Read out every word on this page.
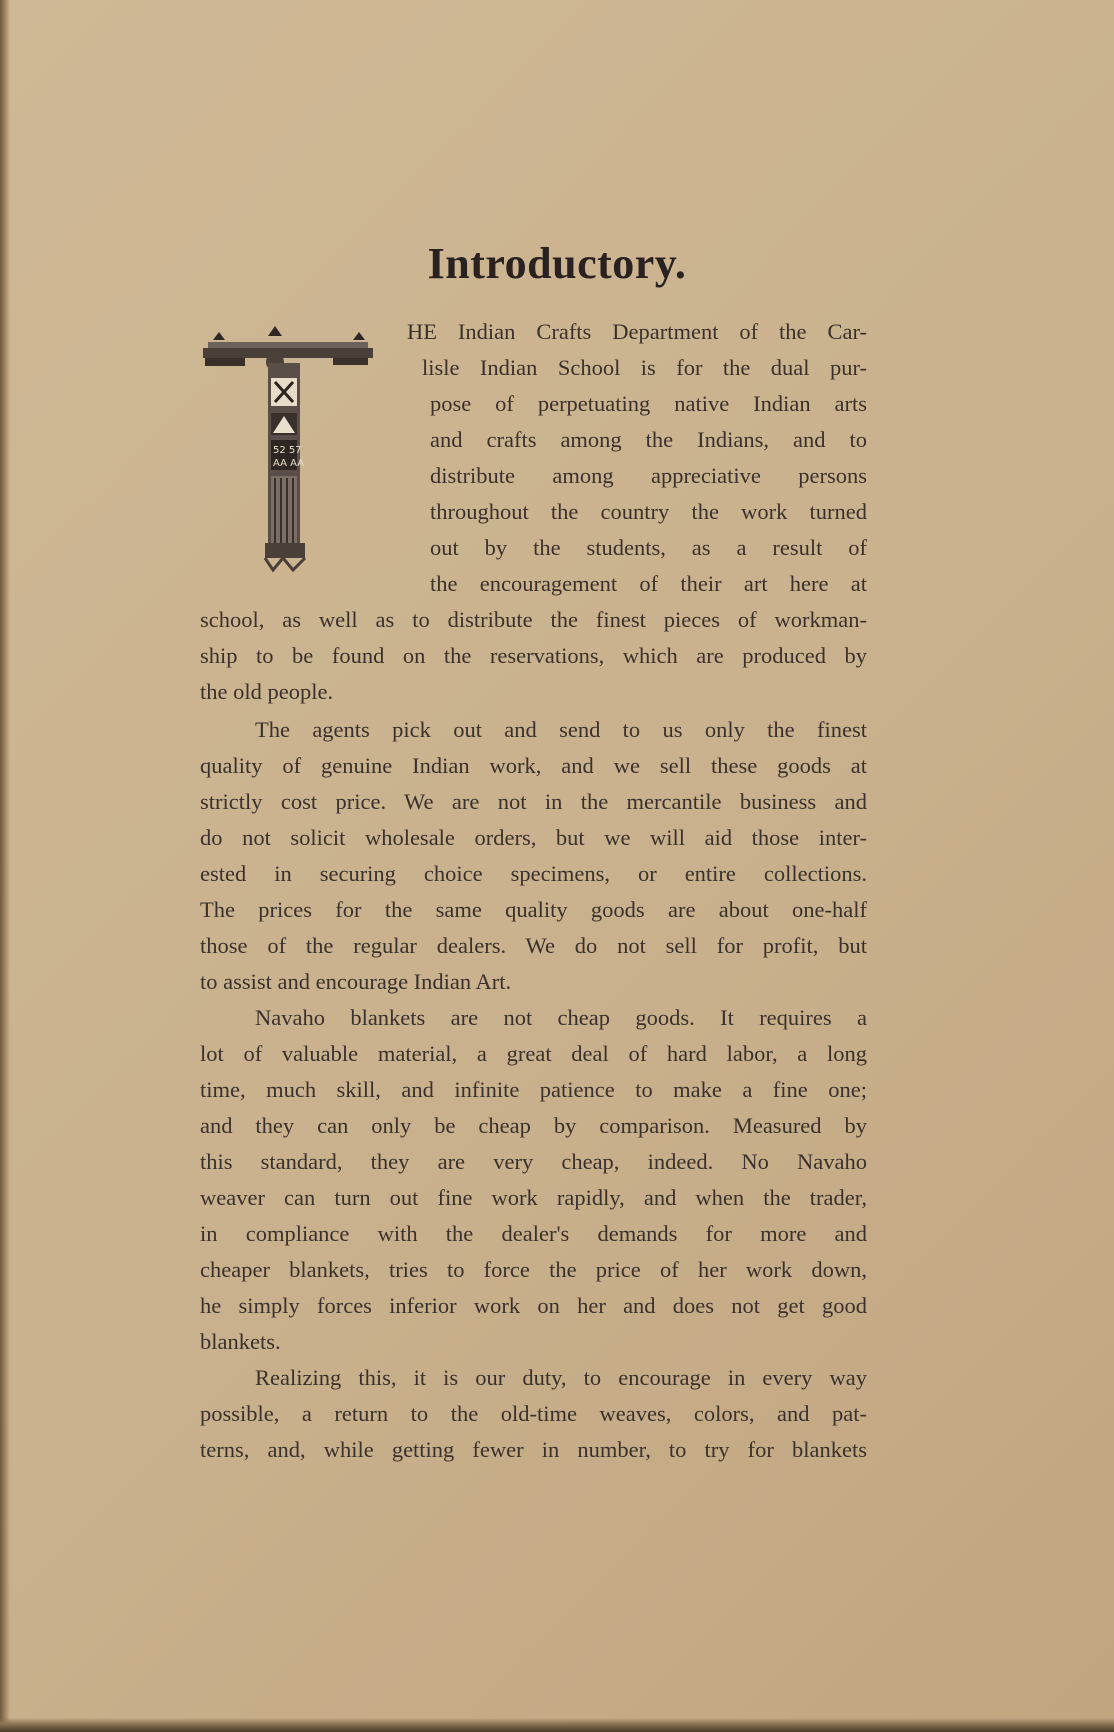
Introductory.
52 57
AA AA
HE Indian Crafts Department of the Car-
lisle Indian School is for the dual pur-
pose of perpetuating native Indian arts
and crafts among the Indians, and to
distribute among appreciative persons
throughout the country the work turned
out by the students, as a result of
the encouragement of their art here at
school, as well as to distribute the finest pieces of workman-
ship to be found on the reservations, which are produced by
the old people.
The agents pick out and send to us only the finest
quality of genuine Indian work, and we sell these goods at
strictly cost price. We are not in the mercantile business and
do not solicit wholesale orders, but we will aid those inter-
ested in securing choice specimens, or entire collections.
The prices for the same quality goods are about one-half
those of the regular dealers. We do not sell for profit, but
to assist and encourage Indian Art.
Navaho blankets are not cheap goods. It requires a
lot of valuable material, a great deal of hard labor, a long
time, much skill, and infinite patience to make a fine one;
and they can only be cheap by comparison. Measured by
this standard, they are very cheap, indeed. No Navaho
weaver can turn out fine work rapidly, and when the trader,
in compliance with the dealer's demands for more and
cheaper blankets, tries to force the price of her work down,
he simply forces inferior work on her and does not get good
blankets.
Realizing this, it is our duty, to encourage in every way
possible, a return to the old-time weaves, colors, and pat-
terns, and, while getting fewer in number, to try for blankets
